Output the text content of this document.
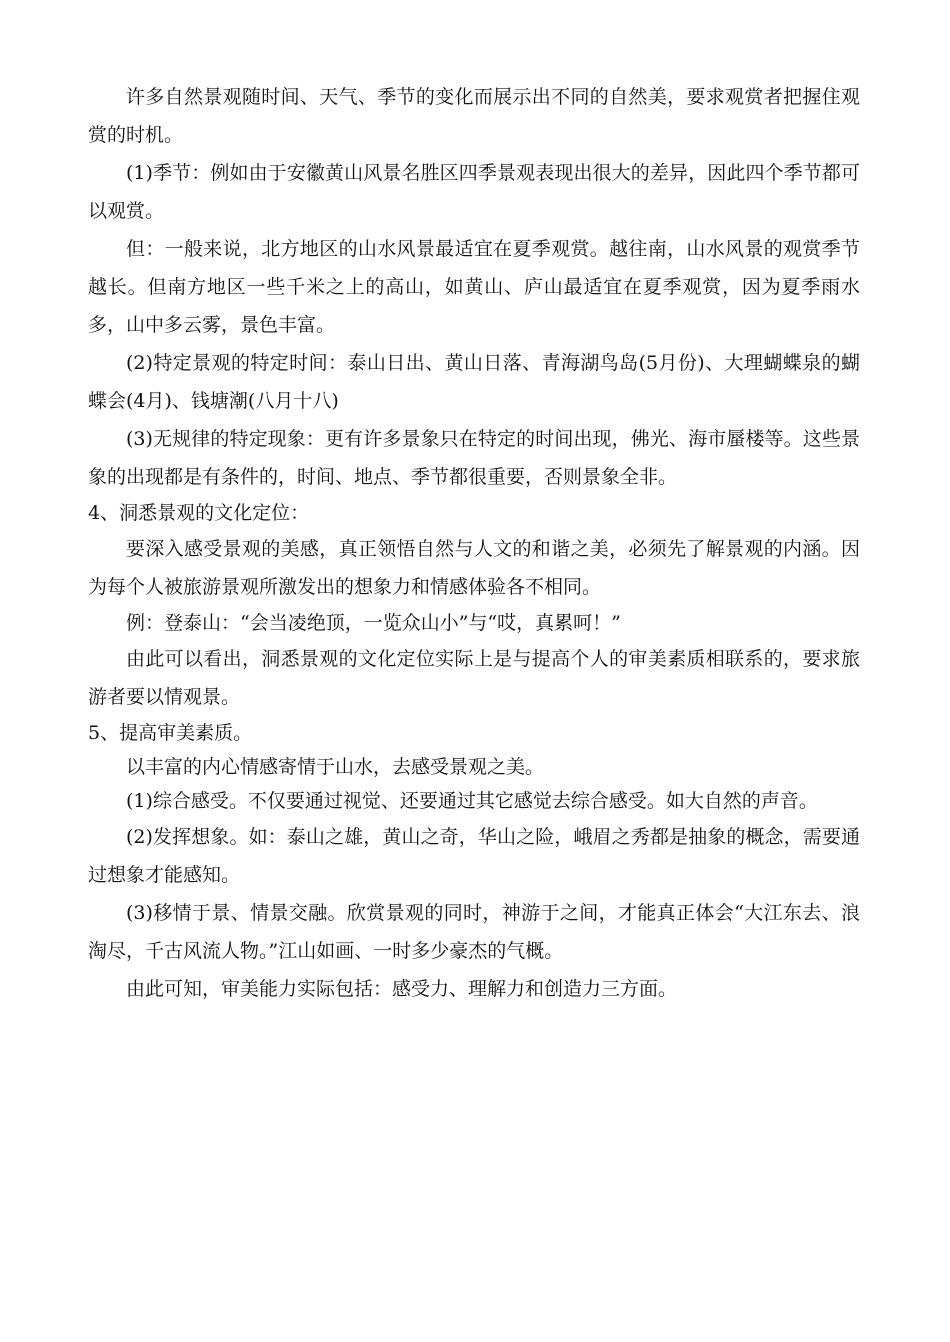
许多自然景观随时间、天气、季节的变化而展示出不同的自然美，要求观赏者把握住观赏的时机。

(1)季节：例如由于安徽黄山风景名胜区四季景观表现出很大的差异，因此四个季节都可以观赏。

但：一般来说，北方地区的山水风景最适宜在夏季观赏。越往南，山水风景的观赏季节越长。但南方地区一些千米之上的高山，如黄山、庐山最适宜在夏季观赏，因为夏季雨水多，山中多云雾，景色丰富。

(2)特定景观的特定时间：泰山日出、黄山日落、青海湖鸟岛(5月份)、大理蝴蝶泉的蝴蝶会(4月)、钱塘潮(八月十八)

(3)无规律的特定现象：更有许多景象只在特定的时间出现，佛光、海市蜃楼等。这些景象的出现都是有条件的，时间、地点、季节都很重要，否则景象全非。

4、洞悉景观的文化定位：

要深入感受景观的美感，真正领悟自然与人文的和谐之美，必须先了解景观的内涵。因为每个人被旅游景观所激发出的想象力和情感体验各不相同。

例：登泰山：“会当凌绝顶，一览众山小”与“哎，真累呵！”

由此可以看出，洞悉景观的文化定位实际上是与提高个人的审美素质相联系的，要求旅游者要以情观景。

5、提高审美素质。

以丰富的内心情感寄情于山水，去感受景观之美。

(1)综合感受。不仅要通过视觉、还要通过其它感觉去综合感受。如大自然的声音。

(2)发挥想象。如：泰山之雄，黄山之奇，华山之险，峨眉之秀都是抽象的概念，需要通过想象才能感知。

(3)移情于景、情景交融。欣赏景观的同时，神游于之间，才能真正体会“大江东去、浪淘尽，千古风流人物。”江山如画、一时多少豪杰的气概。

由此可知，审美能力实际包括：感受力、理解力和创造力三方面。
